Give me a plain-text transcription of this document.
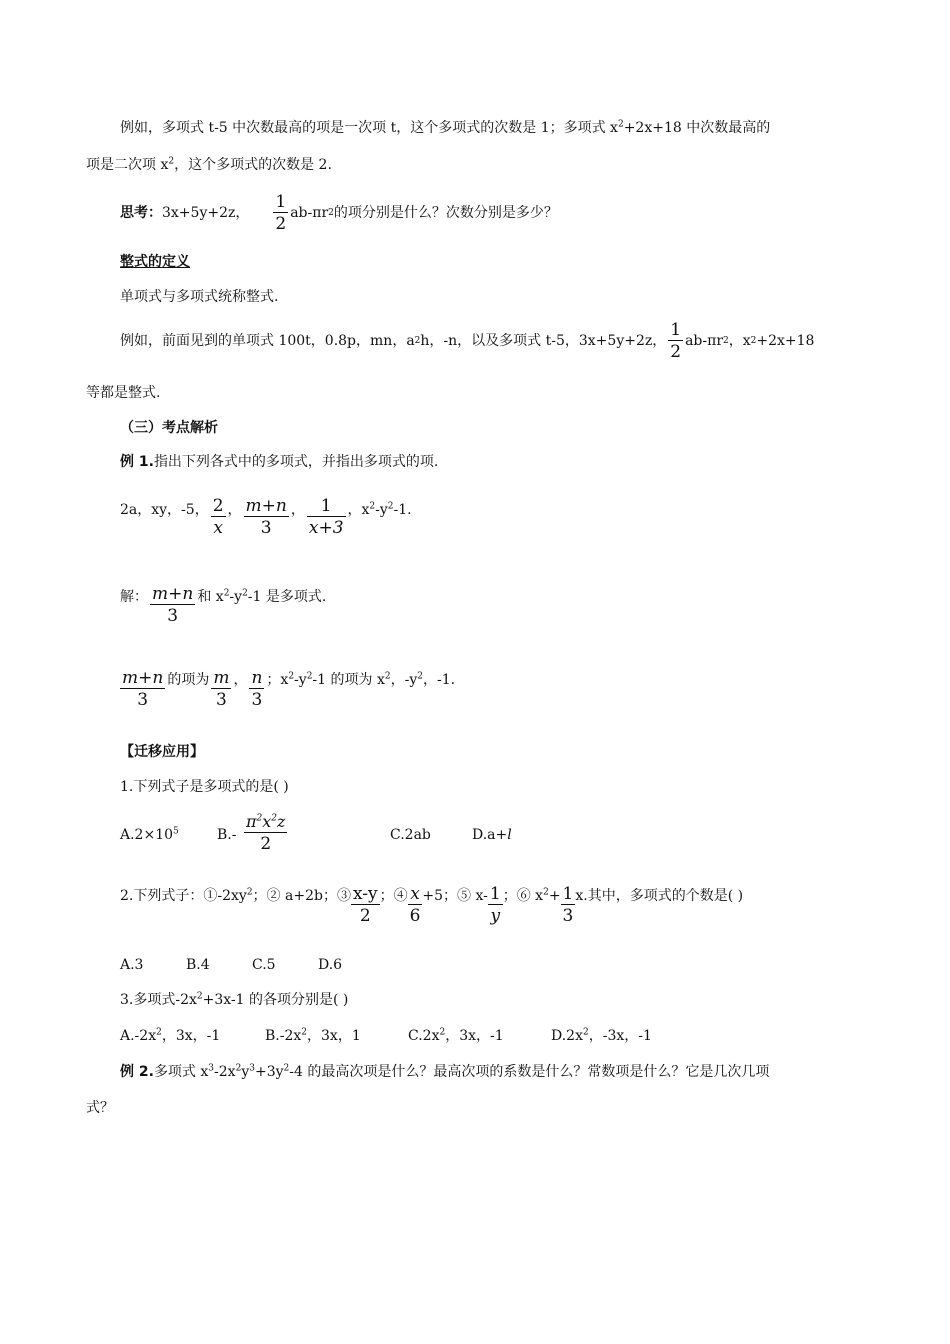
例如，多项式 t-5 中次数最高的项是一次项 t，这个多项式的次数是 1；多项式 $x^2+2x+18$ 中次数最高的
项是二次项 $x^2$，这个多项式的次数是 2.
思考： 3x+5y+2z， $\frac{1}{2} ab-\pi r$ 2 的项分别是什么？次数分别是多少？
整式的定义
单项式与多项式统称整式.
例如，前面见到的单项式 100t，0.8p，mn，a 2 h，-n，以及多项式 t-5，3x+5y+2z， $\frac{1}{2} ab-\pi r$ 2 ，x 2 +2x+18
等都是整式.
（三）考点解析
例 1.指出下列各式中的多项式，并指出多项式的项.
2a，xy，-5， $\frac{2}{x}$ ， $\frac{m+n}{3}$ ， $\frac{1}{x+3}$ ，$x^2-y^2-1$.
解： $\frac{m+n}{3}$ 和 $x^2-y^2-1$ 是多项式.
$\frac{m+n}{3}$ 的项为 $\frac{m}{3}$ ， $\frac{n}{3}$ ；$x^2-y^2-1$ 的项为 $x^2$，$-y^2$，-1.
【迁移应用】
1.下列式子是多项式的是( )
$A.2\times 10^5$	$B.- \frac{\pi^2x^2z}{2}$	C.2ab	D.a+l
2.下列式子：$①-2xy^2$；② a+2b；③ $\frac{x-y}{2}$ ；④ $\frac{x}{6} +5$；⑤ $x- \frac{1}{y}$ ；⑥ $x^2+ \frac{1}{3} x$.其中，多项式的个数是( )
A.3	B.4	C.5	D.6
3.多项式$-2x^2+3x-1$ 的各项分别是( )
$A.-2x^2$，3x，-1	$B.-2x^2$，3x，1	$C.2x^2$，3x，-1	$D.2x^2$，-3x，-1
例 2.多项式 $x^3-2x^2y^3+3y^2-4$ 的最高次项是什么？最高次项的系数是什么？常数项是什么？它是几次几项
式？
